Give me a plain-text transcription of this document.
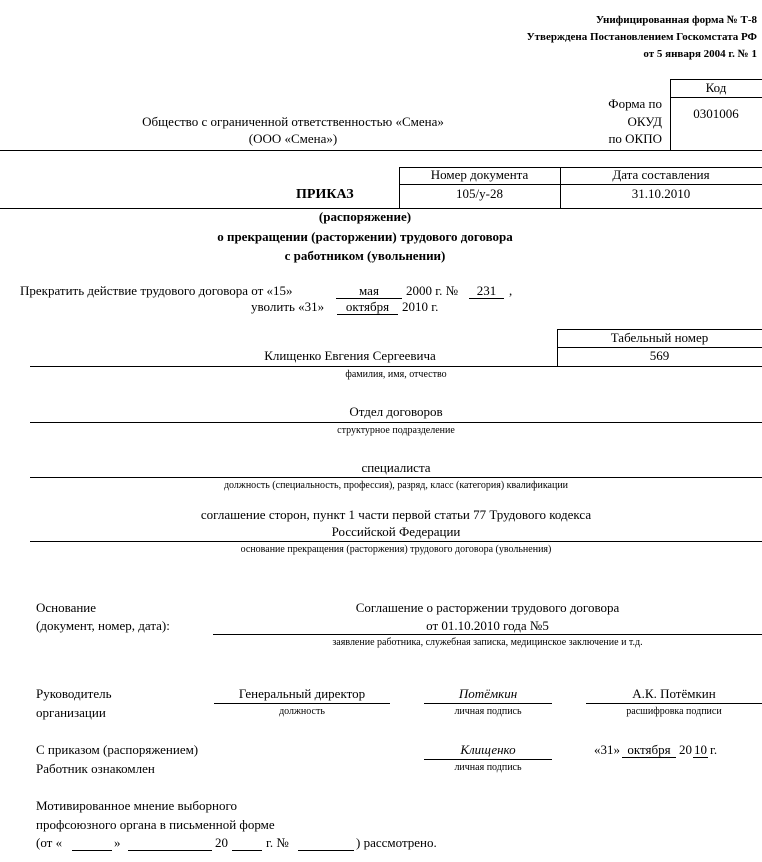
Унифицированная форма № Т-8
Утверждена Постановлением Госкомстата РФ
от 5 января 2004 г. № 1
Код
0301006
Форма по
ОКУД
по ОКПО
Общество с ограниченной ответственностью «Смена»
(ООО «Смена»)
Номер документа	Дата составления
105/у-28	31.10.2010
ПРИКАЗ
(распоряжение)
о прекращении (расторжении) трудового договора
с работником (увольнении)
Прекратить действие трудового договора от «15»	мая	2000 г. №	231 ,
уволить «31»	октября 2010 г.
Табельный номер
569
Клищенко Евгения Сергеевича
фамилия, имя, отчество
Отдел договоров
структурное подразделение
специалиста
должность (специальность, профессия), разряд, класс (категория) квалификации
соглашение сторон, пункт 1 части первой статьи 77 Трудового кодекса
Российской Федерации
основание прекращения (расторжения) трудового договора (увольнения)
Основание
(документ, номер, дата):
Соглашение о расторжении трудового договора
от 01.10.2010 года №5
заявление работника, служебная записка, медицинское заключение и т.д.
Руководитель
организации
Генеральный директор
должность
Потёмкин
личная подпись
А.К. Потёмкин
расшифровка подписи
С приказом (распоряжением)
Работник ознакомлен
Клищенко
личная подпись
«31» октября 20 10 г.
Мотивированное мнение выборного
профсоюзного органа в письменной форме
(от «	»	20	г. №	) рассмотрено.
